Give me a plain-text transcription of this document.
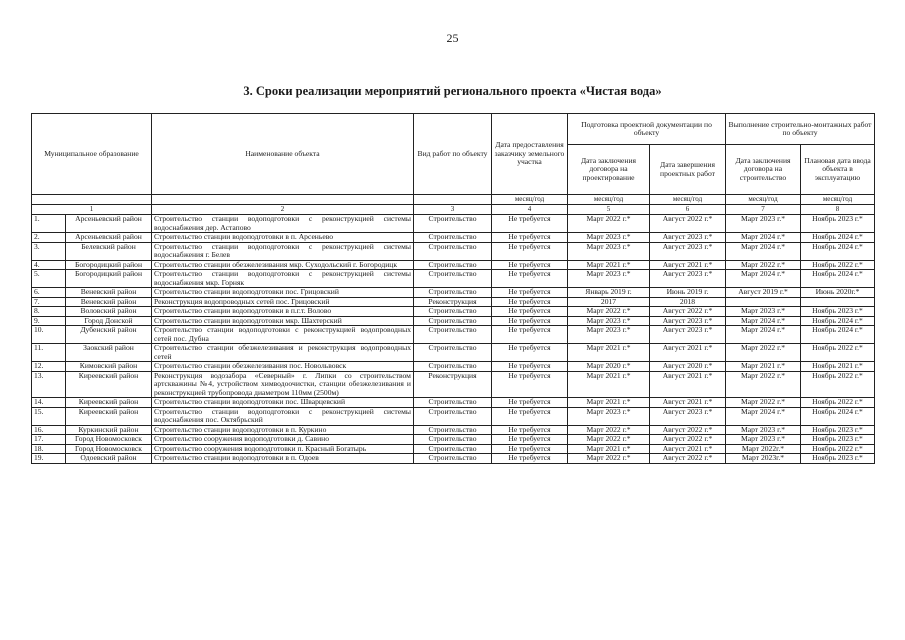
25
3. Сроки реализации мероприятий регионального проекта «Чистая вода»
Муниципальное образование		Наименование объекта	Вид работ по объекту	Дата предоставления заказчику земельного участка	Подготовка проектной документации по объекту		Выполнение строительно-монтажных работ по объекту	
					Дата заключения договора на проектирование	Дата завершения проектных работ	Дата заключения договора на строительство	Плановая дата ввода объекта в эксплуатацию
				месяц/год	месяц/год	месяц/год	месяц/год	месяц/год
1		2	3	4	5	6	7	8
1.	Арсеньевский район	Строительство станции водоподготовки с реконструкцией системы водоснабжения дер. Астапово	Строительство	Не требуется	Март 2022 г.*	Август 2022 г.*	Март 2023 г.*	Ноябрь 2023 г.*
2.	Арсеньевский район	Строительство станции водоподготовки в п. Арсеньево	Строительство	Не требуется	Март 2023 г.*	Август 2023 г.*	Март 2024 г.*	Ноябрь 2024 г.*
3.	Белевский район	Строительство станции водоподготовки с реконструкцией системы водоснабжения г. Белев	Строительство	Не требуется	Март 2023 г.*	Август 2023 г.*	Март 2024 г.*	Ноябрь 2024 г.*
4.	Богородицкий район	Строительство станции обезжелезивания мкр. Суходольский г. Богородицк	Строительство	Не требуется	Март 2021 г.*	Август 2021 г.*	Март 2022 г.*	Ноябрь 2022 г.*
5.	Богородицкий район	Строительство станции водоподготовки с реконструкцией системы водоснабжения мкр. Горняк	Строительство	Не требуется	Март 2023 г.*	Август 2023 г.*	Март 2024 г.*	Ноябрь 2024 г.*
6.	Веневский район	Строительство станции водоподготовки пос. Грицовский	Строительство	Не требуется	Январь 2019 г.	Июнь 2019 г.	Август 2019 г.*	Июнь 2020г.*
7.	Веневский район	Реконструкция водопроводных сетей пос. Грицовский	Реконструкция	Не требуется	2017	2018		
8.	Воловский район	Строительство станции водоподготовки в п.г.т. Волово	Строительство	Не требуется	Март 2022 г.*	Август 2022 г.*	Март 2023 г.*	Ноябрь 2023 г.*
9.	Город Донской	Строительство станции водоподготовки мкр. Шахтерский	Строительство	Не требуется	Март 2023 г.*	Август 2023 г.*	Март 2024 г.*	Ноябрь 2024 г.*
10.	Дубенский район	Строительство станции водоподготовки с реконструкцией водопроводных сетей пос. Дубна	Строительство	Не требуется	Март 2023 г.*	Август 2023 г.*	Март 2024 г.*	Ноябрь 2024 г.*
11.	Заокский район	Строительство станции обезжелезивания и реконструкция водопроводных сетей	Строительство	Не требуется	Март 2021 г.*	Август 2021 г.*	Март 2022 г.*	Ноябрь 2022 г.*
12.	Кимовский район	Строительство станции обезжелезивания пос. Новольвовск	Строительство	Не требуется	Март 2020 г.*	Август 2020 г.*	Март 2021 г.*	Ноябрь 2021 г.*
13.	Киреевский район	Реконструкция водозабора «Северный» г. Липки со строительством артскважины №4, устройством химводоочистки, станции обезжелезивания и реконструкцией трубопровода диаметром 110мм (2500м)	Реконструкция	Не требуется	Март 2021 г.*	Август 2021 г.*	Март 2022 г.*	Ноябрь 2022 г.*
14.	Киреевский район	Строительство станции водоподготовки пос. Шварцевский	Строительство	Не требуется	Март 2021 г.*	Август 2021 г.*	Март 2022 г.*	Ноябрь 2022 г.*
15.	Киреевский район	Строительство станции водоподготовки с реконструкцией системы водоснабжения пос. Октябрьский	Строительство	Не требуется	Март 2023 г.*	Август 2023 г.*	Март 2024 г.*	Ноябрь 2024 г.*
16.	Куркинский район	Строительство станции водоподготовки в п. Куркино	Строительство	Не требуется	Март 2022 г.*	Август 2022 г.*	Март 2023 г.*	Ноябрь 2023 г.*
17.	Город Новомосковск	Строительство сооружения водоподготовки д. Савино	Строительство	Не требуется	Март 2022 г.*	Август 2022 г.*	Март 2023 г.*	Ноябрь 2023 г.*
18.	Город Новомосковск	Строительство сооружения водоподготовки п. Красный Богатырь	Строительство	Не требуется	Март 2021 г.*	Август 2021 г.*	Март 2022г.*	Ноябрь 2022 г.*
19.	Одоевский район	Строительство станции водоподготовки в п. Одоев	Строительство	Не требуется	Март 2022 г.*	Август 2022 г.*	Март 2023г.*	Ноябрь 2023 г.*
